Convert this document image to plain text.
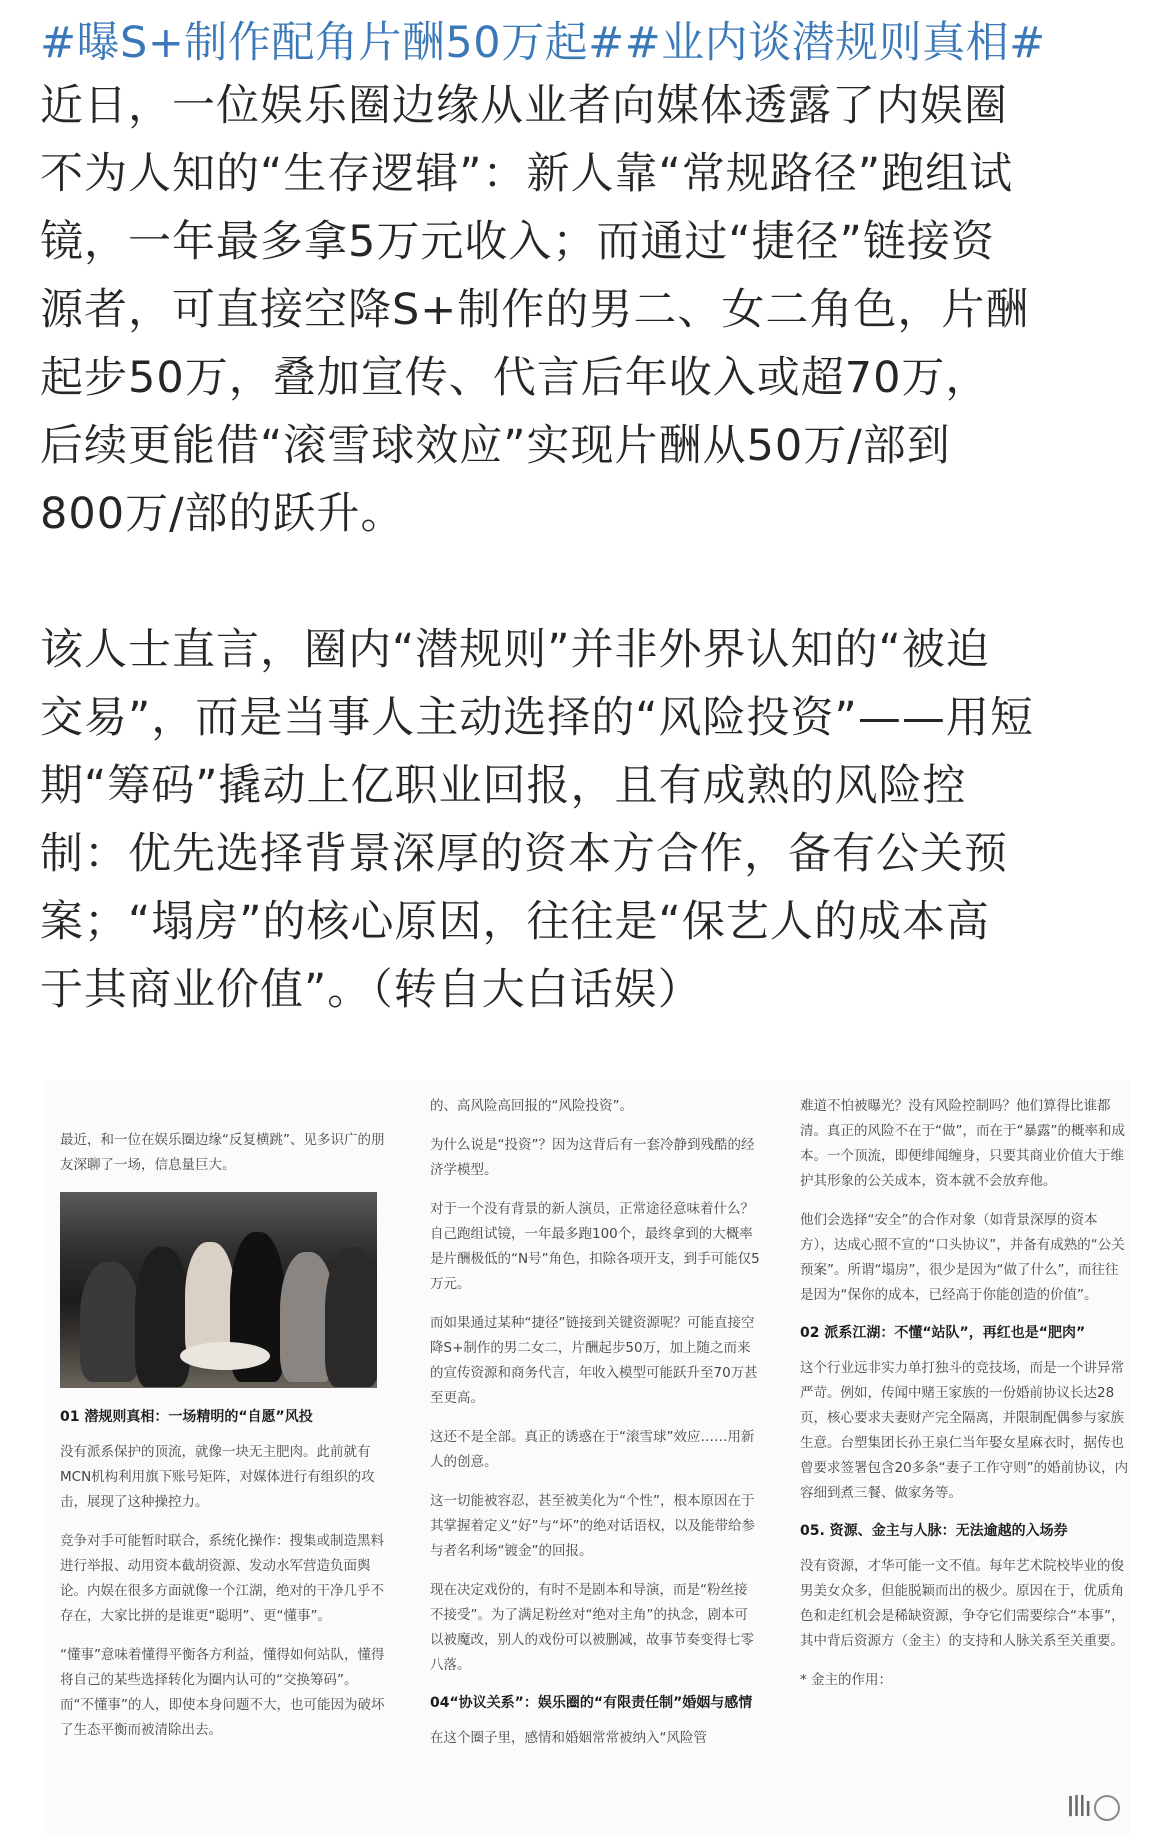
#曝S+制作配角片酬50万起##业内谈潜规则真相#

近日，一位娱乐圈边缘从业者向媒体透露了内娱圈
不为人知的“生存逻辑”：新人靠“常规路径”跑组试
镜，一年最多拿5万元收入；而通过“捷径”链接资
源者，可直接空降S+制作的男二、女二角色，片酬
起步50万，叠加宣传、代言后年收入或超70万，
后续更能借“滚雪球效应”实现片酬从50万/部到
800万/部的跃升。

该人士直言，圈内“潜规则”并非外界认知的“被迫
交易”，而是当事人主动选择的“风险投资”——用短
期“筹码”撬动上亿职业回报，且有成熟的风险控
制：优先选择背景深厚的资本方合作，备有公关预
案；“塌房”的核心原因，往往是“保艺人的成本高
于其商业价值”。（转自大白话娱）

最近，和一位在娱乐圈边缘“反复横跳”、见多识广的朋友深聊了一场，信息量巨大。

01 潜规则真相：一场精明的“自愿”风投

没有派系保护的顶流，就像一块无主肥肉。此前就有MCN机构利用旗下账号矩阵，对媒体进行有组织的攻击，展现了这种操控力。

竞争对手可能暂时联合，系统化操作：搜集或制造黑料进行举报、动用资本截胡资源、发动水军营造负面舆论。内娱在很多方面就像一个江湖，绝对的干净几乎不存在，大家比拼的是谁更“聪明”、更“懂事”。

“懂事”意味着懂得平衡各方利益，懂得如何站队，懂得将自己的某些选择转化为圈内认可的“交换筹码”。而“不懂事”的人，即使本身问题不大，也可能因为破坏了生态平衡而被清除出去。

的、高风险高回报的“风险投资”。

为什么说是“投资”？因为这背后有一套冷静到残酷的经济学模型。

对于一个没有背景的新人演员，正常途径意味着什么？自己跑组试镜，一年最多跑100个，最终拿到的大概率是片酬极低的“N号”角色，扣除各项开支，到手可能仅5万元。

而如果通过某种“捷径”链接到关键资源呢？可能直接空降S+制作的男二女二，片酬起步50万，加上随之而来的宣传资源和商务代言，年收入模型可能跃升至70万甚至更高。

这还不是全部。真正的诱惑在于“滚雪球”效应……用新人的创意。

这一切能被容忍，甚至被美化为“个性”，根本原因在于其掌握着定义“好”与“坏”的绝对话语权，以及能带给参与者名利场“镀金”的回报。

现在决定戏份的，有时不是剧本和导演，而是“粉丝接不接受”。为了满足粉丝对“绝对主角”的执念，剧本可以被魔改，别人的戏份可以被删减，故事节奏变得七零八落。

04“协议关系”：娱乐圈的“有限责任制”婚姻与感情

在这个圈子里，感情和婚姻常常被纳入“风险管

难道不怕被曝光？没有风险控制吗？他们算得比谁都清。真正的风险不在于“做”，而在于“暴露”的概率和成本。一个顶流，即便绯闻缠身，只要其商业价值大于维护其形象的公关成本，资本就不会放弃他。

他们会选择“安全”的合作对象（如背景深厚的资本方），达成心照不宣的“口头协议”，并备有成熟的“公关预案”。所谓“塌房”，很少是因为“做了什么”，而往往是因为“保你的成本，已经高于你能创造的价值”。

02 派系江湖：不懂“站队”，再红也是“肥肉”

这个行业远非实力单打独斗的竞技场，而是一个讲异常严苛。例如，传闻中赌王家族的一份婚前协议长达28页，核心要求夫妻财产完全隔离，并限制配偶参与家族生意。台塑集团长孙王泉仁当年娶女星麻衣时，据传也曾要求签署包含20多条“妻子工作守则”的婚前协议，内容细到煮三餐、做家务等。

05. 资源、金主与人脉：无法逾越的入场券

没有资源，才华可能一文不值。每年艺术院校毕业的俊男美女众多，但能脱颖而出的极少。原因在于，优质角色和走红机会是稀缺资源，争夺它们需要综合“本事”，其中背后资源方（金主）的支持和人脉关系至关重要。

* 金主的作用：

Illı
